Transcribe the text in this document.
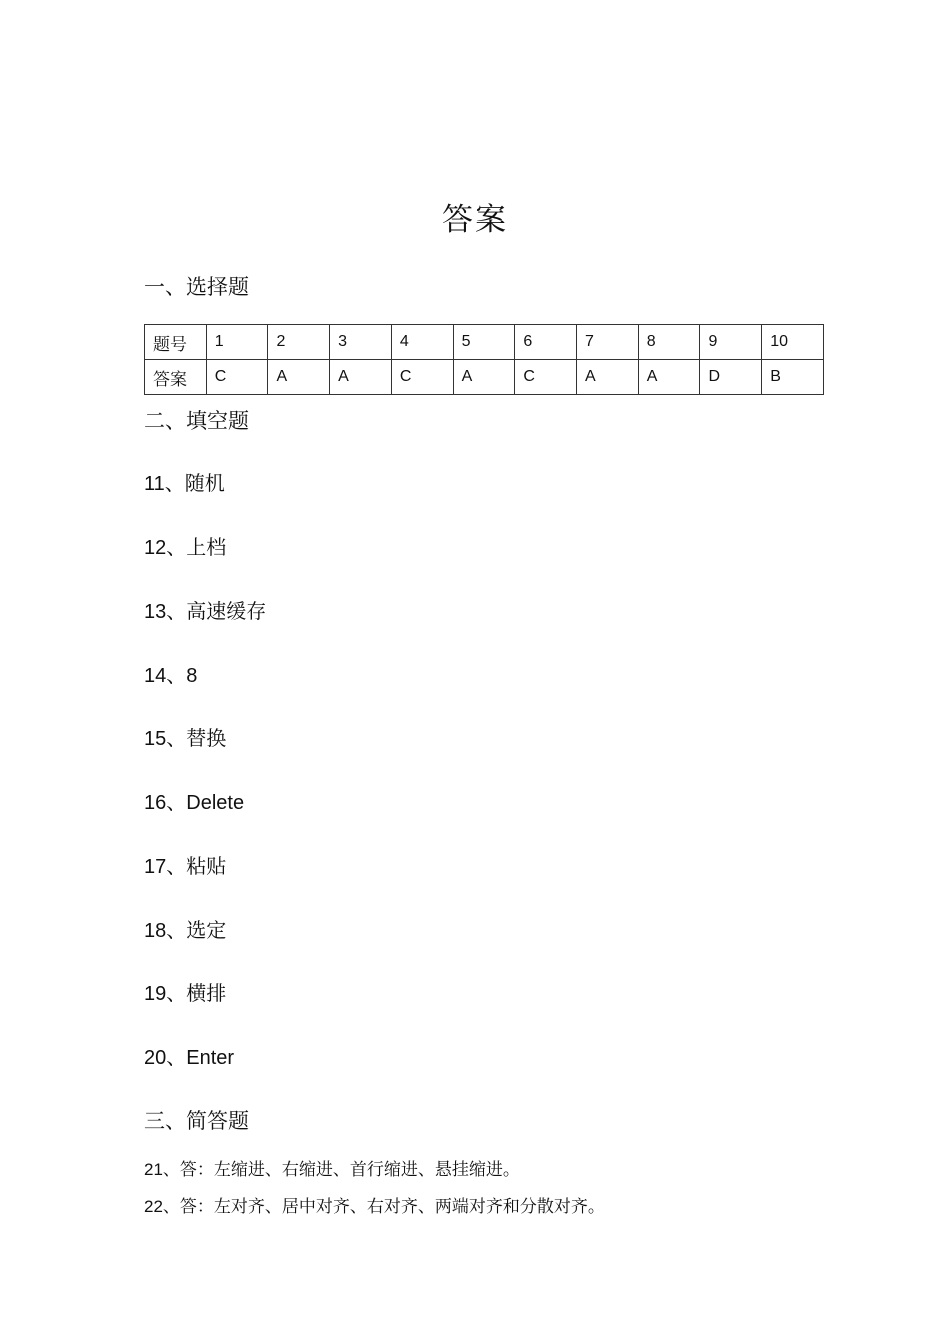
答案
一、选择题
题号	1	2	3	4	5	6	7	8	9	10
答案	C	A	A	C	A	C	A	A	D	B
二、填空题
11、随机
12、上档
13、高速缓存
14、8
15、替换
16、Delete
17、粘贴
18、选定
19、横排
20、Enter
三、简答题
21、答：左缩进、右缩进、首行缩进、悬挂缩进。
22、答：左对齐、居中对齐、右对齐、两端对齐和分散对齐。
